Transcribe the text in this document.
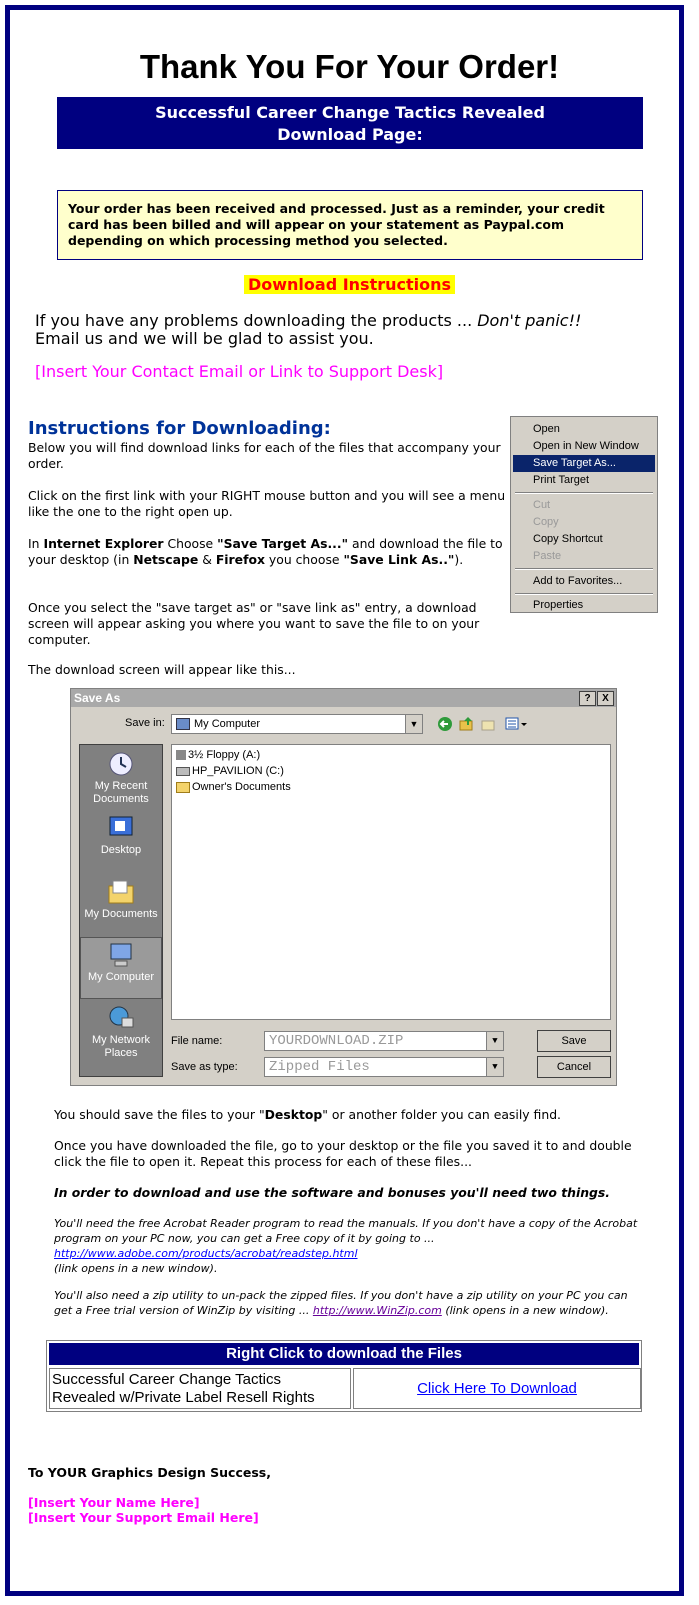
Thank You For Your Order!
Successful Career Change Tactics Revealed
Download Page:
Your order has been received and processed. Just as a reminder, your credit card has been billed and will appear on your statement as Paypal.com depending on which processing method you selected.
Download Instructions
If you have any problems downloading the products ... Don't panic!!
Email us and we will be glad to assist you.
[Insert Your Contact Email or Link to Support Desk]
Instructions for Downloading:
Below you will find download links for each of the files that accompany your order.
Click on the first link with your RIGHT mouse button and you will see a menu like the one to the right open up.
In Internet Explorer Choose "Save Target As..." and download the file to your desktop (in Netscape & Firefox you choose "Save Link As..").
Once you select the "save target as" or "save link as" entry, a download screen will appear asking you where you want to save the file to on your computer.
The download screen will appear like this...
Open
Open in New Window
Save Target As...
Print Target
Cut
Copy
Copy Shortcut
Paste
Add to Favorites...
Properties
Save As	?	X
Save in:	My Computer	▼
My Recent Documents
Desktop
My Documents
My Computer
My Network Places
3½ Floppy (A:)
HP_PAVILION (C:)
Owner's Documents
File name:	YOURDOWNLOAD.ZIP	▼
Save as type:	Zipped Files	▼
Save
Cancel
You should save the files to your "Desktop" or another folder you can easily find.
Once you have downloaded the file, go to your desktop or the file you saved it to and double click the file to open it. Repeat this process for each of these files...
In order to download and use the software and bonuses you'll need two things.
You'll need the free Acrobat Reader program to read the manuals. If you don't have a copy of the Acrobat program on your PC now, you can get a Free copy of it by going to ... http://www.adobe.com/products/acrobat/readstep.html
(link opens in a new window).
You'll also need a zip utility to un-pack the zipped files. If you don't have a zip utility on your PC you can get a Free trial version of WinZip by visiting ... http://www.WinZip.com (link opens in a new window).
Right Click to download the Files
Successful Career Change Tactics Revealed w/Private Label Resell Rights
Click Here To Download
To YOUR Graphics Design Success,
[Insert Your Name Here]
[Insert Your Support Email Here]
